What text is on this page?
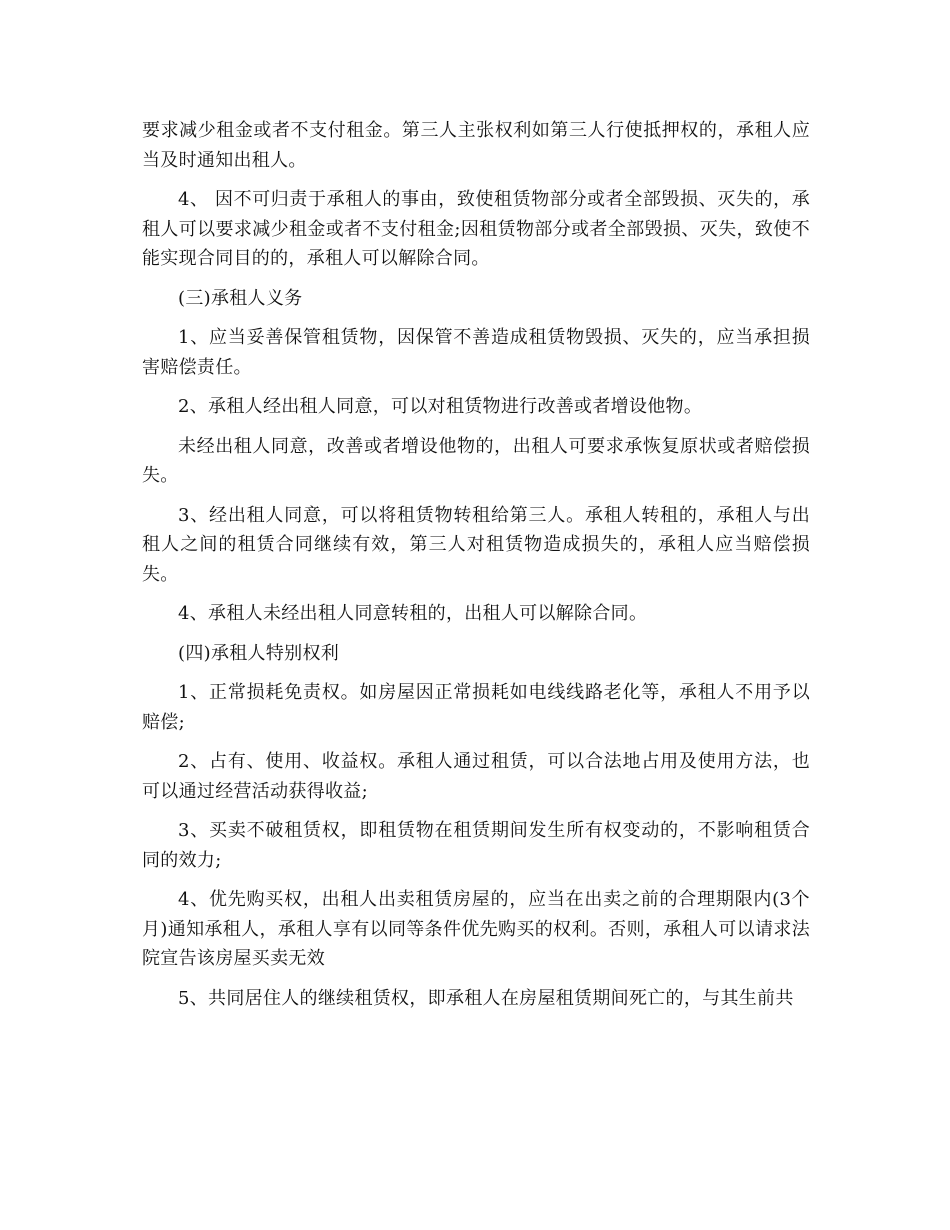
要求减少租金或者不支付租金。第三人主张权利如第三人行使抵押权的，承租人应当及时通知出租人。

4、 因不可归责于承租人的事由，致使租赁物部分或者全部毁损、灭失的，承租人可以要求减少租金或者不支付租金;因租赁物部分或者全部毁损、灭失，致使不能实现合同目的的，承租人可以解除合同。

(三)承租人义务

1、应当妥善保管租赁物，因保管不善造成租赁物毁损、灭失的，应当承担损害赔偿责任。

2、承租人经出租人同意，可以对租赁物进行改善或者增设他物。

未经出租人同意，改善或者增设他物的，出租人可要求承恢复原状或者赔偿损失。

3、经出租人同意，可以将租赁物转租给第三人。承租人转租的，承租人与出租人之间的租赁合同继续有效，第三人对租赁物造成损失的，承租人应当赔偿损失。

4、承租人未经出租人同意转租的，出租人可以解除合同。

(四)承租人特别权利

1、正常损耗免责权。如房屋因正常损耗如电线线路老化等，承租人不用予以赔偿;

2、占有、使用、收益权。承租人通过租赁，可以合法地占用及使用方法，也可以通过经营活动获得收益;

3、买卖不破租赁权，即租赁物在租赁期间发生所有权变动的，不影响租赁合同的效力;

4、优先购买权，出租人出卖租赁房屋的，应当在出卖之前的合理期限内(3个月)通知承租人，承租人享有以同等条件优先购买的权利。否则，承租人可以请求法院宣告该房屋买卖无效

5、共同居住人的继续租赁权，即承租人在房屋租赁期间死亡的，与其生前共
